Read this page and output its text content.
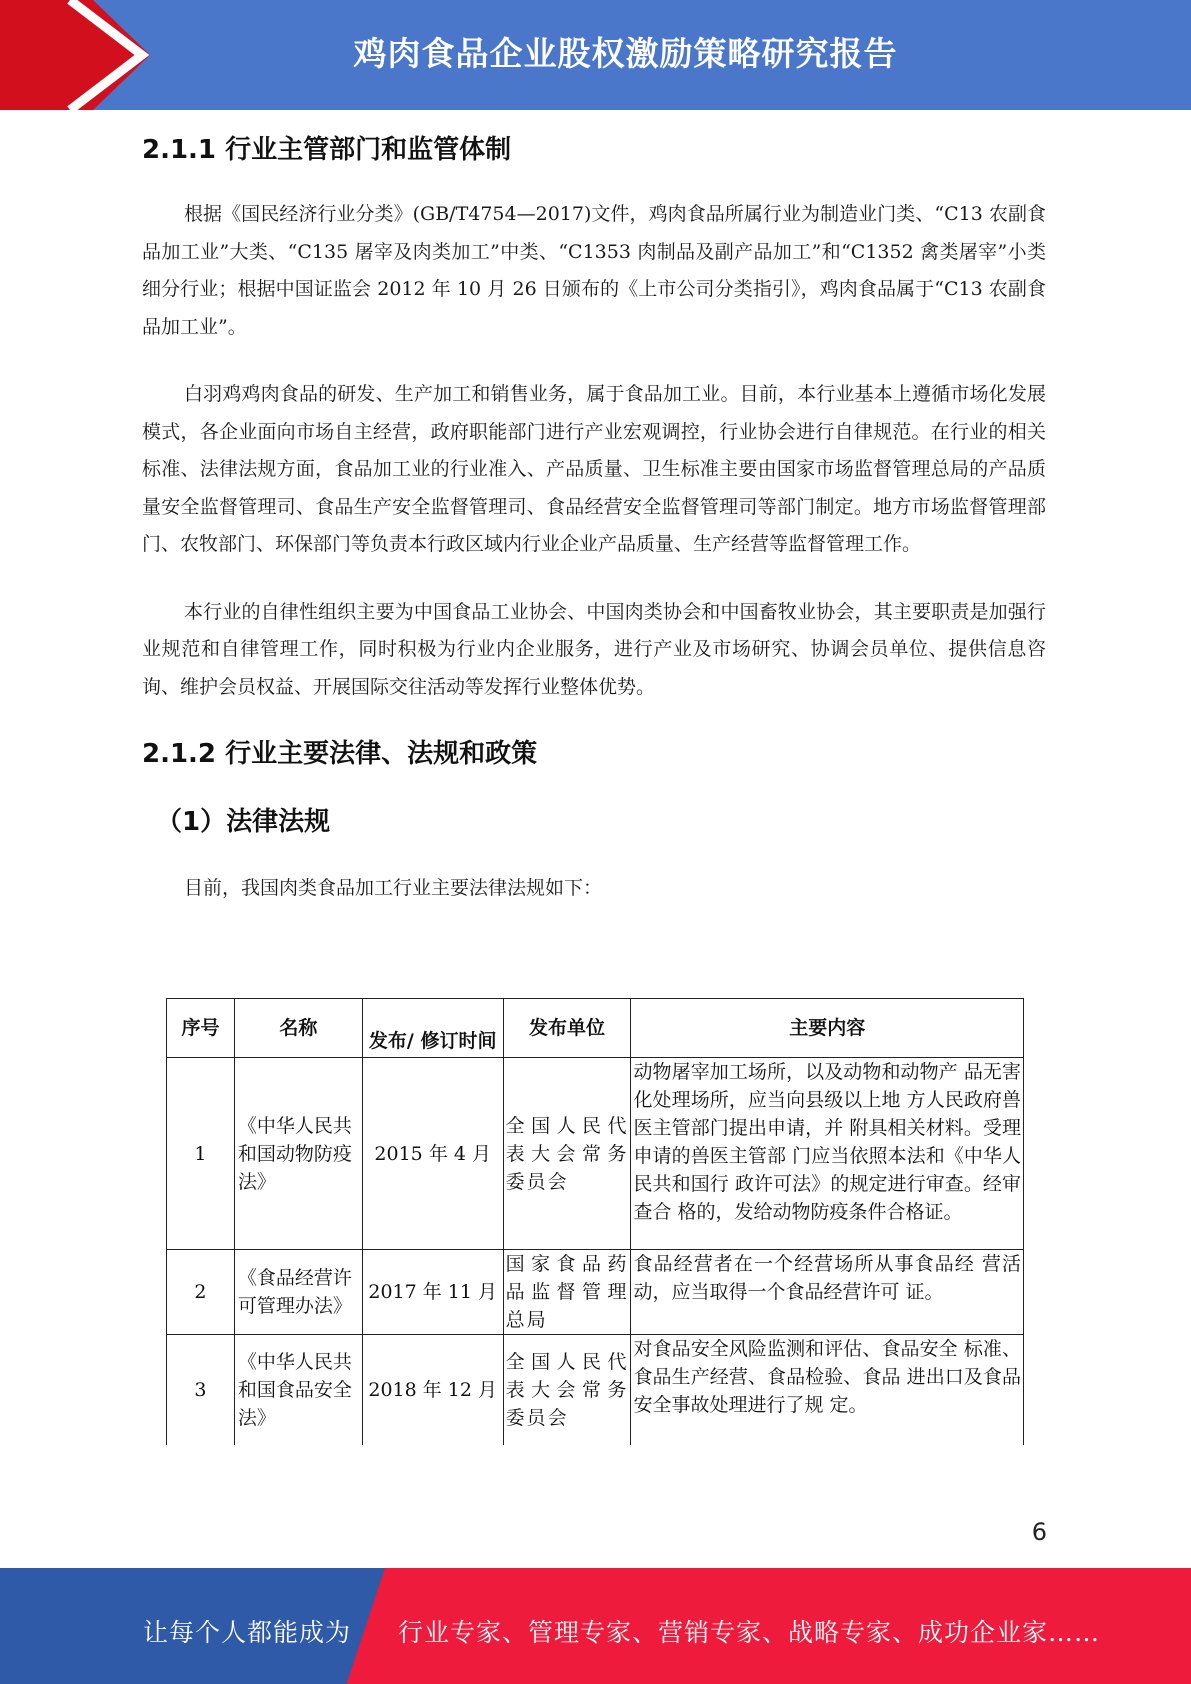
鸡肉食品企业股权激励策略研究报告
2.1.1 行业主管部门和监管体制

根据《国民经济行业分类》(GB/T4754—2017)文件，鸡肉食品所属行业为制造业门类、“C13 农副食品加工业”大类、“C135 屠宰及肉类加工”中类、“C1353 肉制品及副产品加工”和“C1352 禽类屠宰”小类细分行业；根据中国证监会 2012 年 10 月 26 日颁布的《上市公司分类指引》，鸡肉食品属于“C13 农副食品加工业”。

白羽鸡鸡肉食品的研发、生产加工和销售业务，属于食品加工业。目前，本行业基本上遵循市场化发展模式，各企业面向市场自主经营，政府职能部门进行产业宏观调控，行业协会进行自律规范。在行业的相关标准、法律法规方面，食品加工业的行业准入、产品质量、卫生标准主要由国家市场监督管理总局的产品质量安全监督管理司、食品生产安全监督管理司、食品经营安全监督管理司等部门制定。地方市场监督管理部门、农牧部门、环保部门等负责本行政区域内行业企业产品质量、生产经营等监督管理工作。

本行业的自律性组织主要为中国食品工业协会、中国肉类协会和中国畜牧业协会，其主要职责是加强行业规范和自律管理工作，同时积极为行业内企业服务，进行产业及市场研究、协调会员单位、提供信息咨询、维护会员权益、开展国际交往活动等发挥行业整体优势。

2.1.2 行业主要法律、法规和政策
（1）法律法规

目前，我国肉类食品加工行业主要法律法规如下：

序号	名称	发布/ 修订时间	发布单位	主要内容
1	《中华人民共和国动物防疫法》	2015 年 4 月	全国人民代表大会常务委员会	动物屠宰加工场所，以及动物和动物产 品无害化处理场所，应当向县级以上地 方人民政府兽医主管部门提出申请，并 附具相关材料。受理申请的兽医主管部 门应当依照本法和《中华人民共和国行 政许可法》的规定进行审查。经审查合 格的，发给动物防疫条件合格证。
2	《食品经营许可管理办法》	2017 年 11 月	国家食品药品监督管理总局	食品经营者在一个经营场所从事食品经 营活动，应当取得一个食品经营许可 证。
3	《中华人民共和国食品安全法》	2018 年 12 月	全国人民代表大会常务委员会	对食品安全风险监测和评估、食品安全 标准、食品生产经营、食品检验、食品 进出口及食品安全事故处理进行了规 定。
6
让每个人都能成为 行业专家、管理专家、营销专家、战略专家、成功企业家……
